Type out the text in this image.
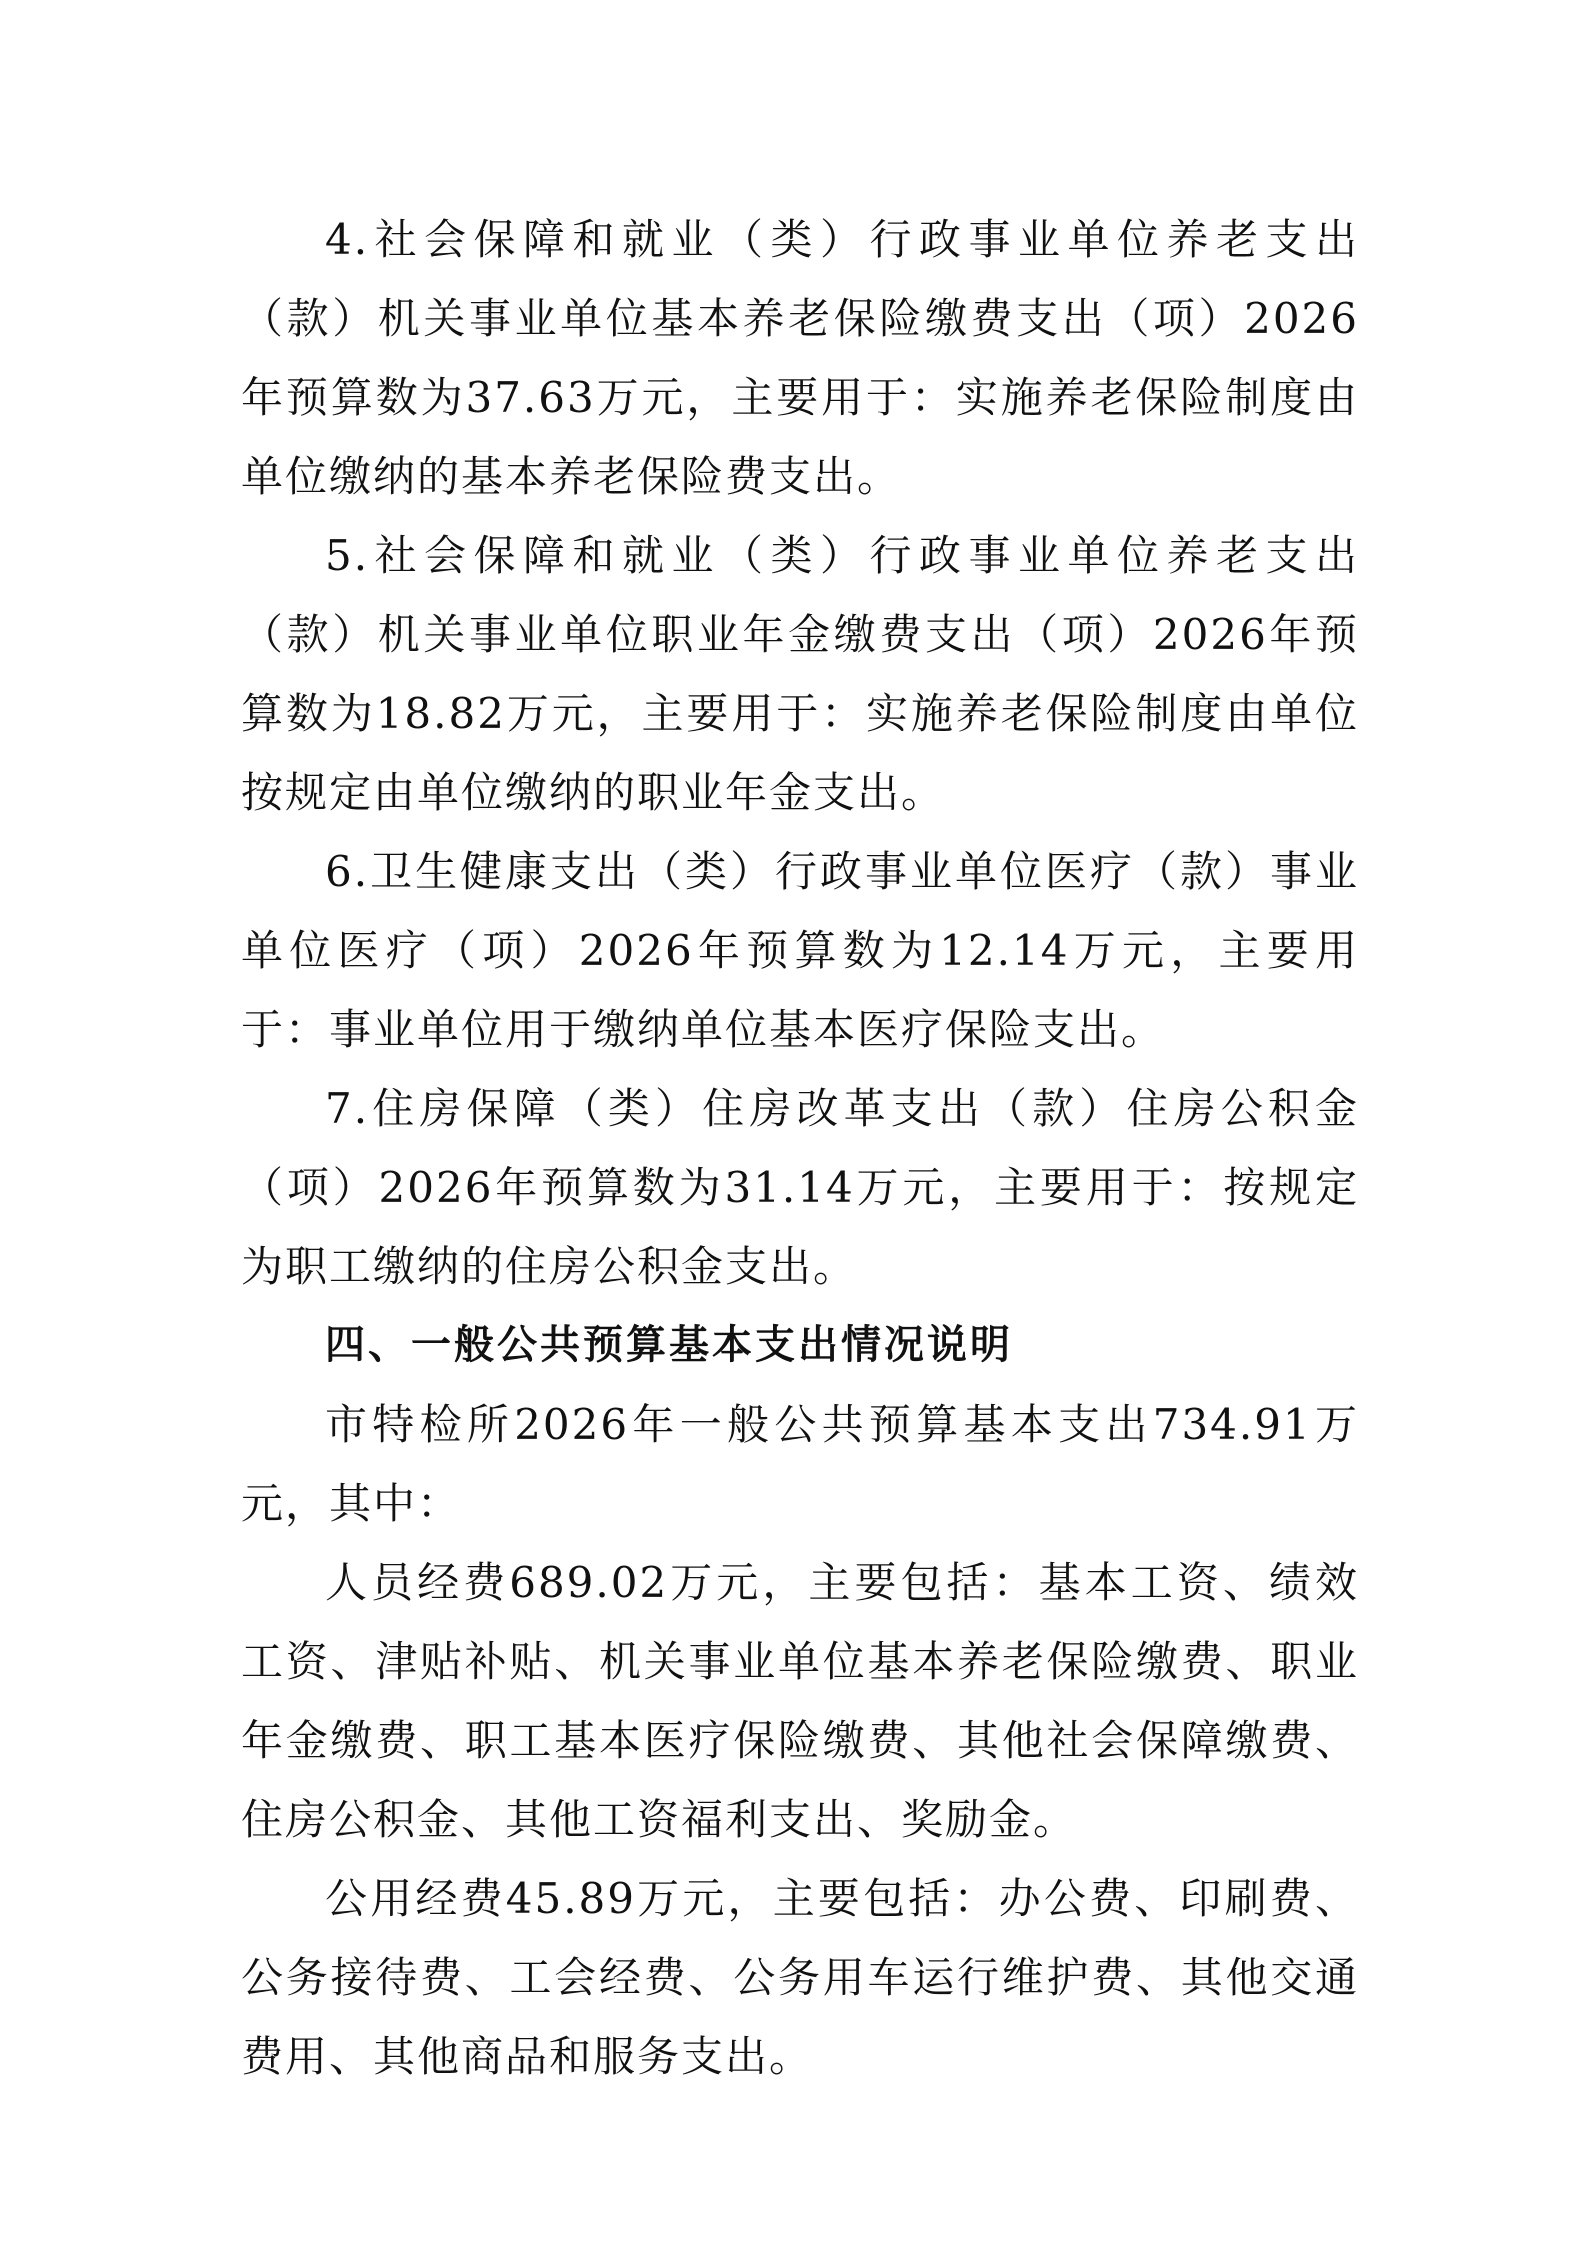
4.社会保障和就业（类）行政事业单位养老支出（款）机关事业单位基本养老保险缴费支出（项）2026年预算数为37.63万元，主要用于：实施养老保险制度由单位缴纳的基本养老保险费支出。

5.社会保障和就业（类）行政事业单位养老支出（款）机关事业单位职业年金缴费支出（项）2026年预算数为18.82万元，主要用于：实施养老保险制度由单位按规定由单位缴纳的职业年金支出。

6.卫生健康支出（类）行政事业单位医疗（款）事业单位医疗（项）2026年预算数为12.14万元，主要用于：事业单位用于缴纳单位基本医疗保险支出。

7.住房保障（类）住房改革支出（款）住房公积金（项）2026年预算数为31.14万元，主要用于：按规定为职工缴纳的住房公积金支出。

四、一般公共预算基本支出情况说明

市特检所2026年一般公共预算基本支出734.91万元，其中：

人员经费689.02万元，主要包括：基本工资、绩效工资、津贴补贴、机关事业单位基本养老保险缴费、职业年金缴费、职工基本医疗保险缴费、其他社会保障缴费、住房公积金、其他工资福利支出、奖励金。

公用经费45.89万元，主要包括：办公费、印刷费、公务接待费、工会经费、公务用车运行维护费、其他交通费用、其他商品和服务支出。
